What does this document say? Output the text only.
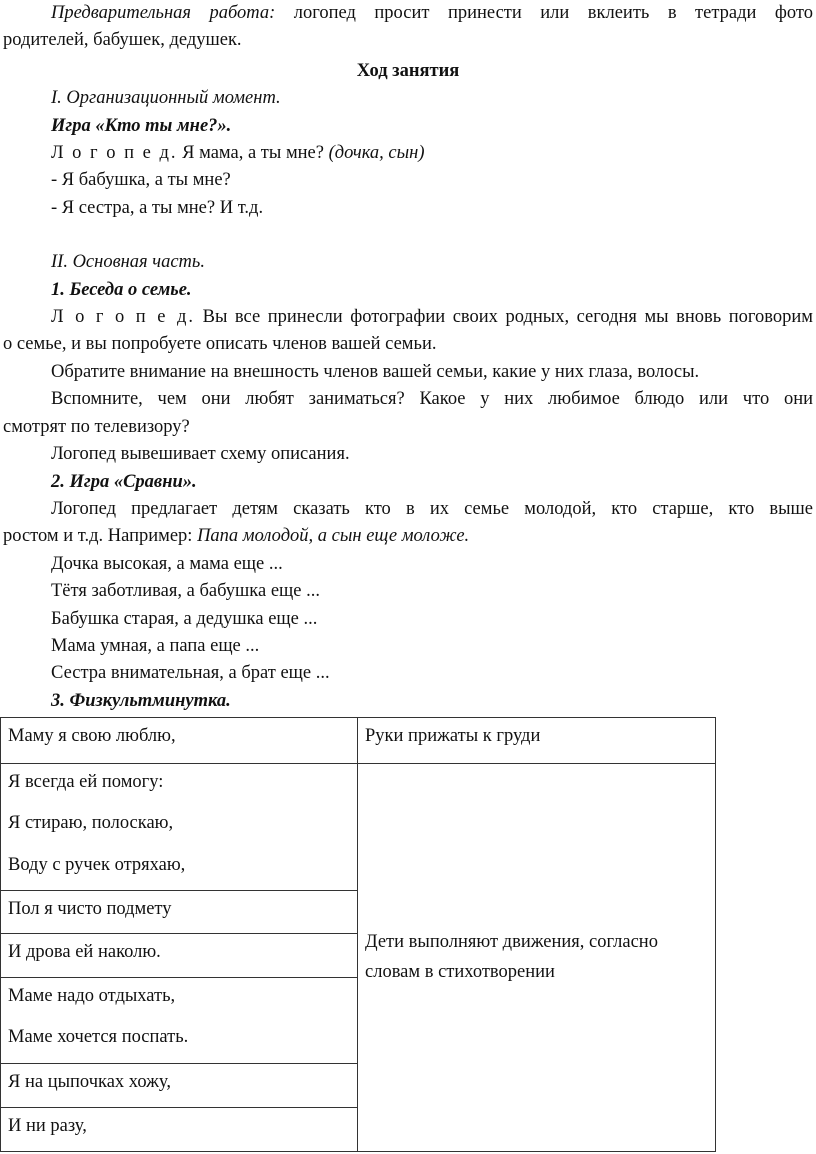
Предварительная работа: логопед просит принести или вклеить в тетради фото

родителей, бабушек, дедушек.

Ход занятия

I. Организационный момент.

Игра «Кто ты мне?».

Л о г о п е д. Я мама, а ты мне? (дочка, сын)

- Я бабушка, а ты мне?

- Я сестра, а ты мне? И т.д.

II. Основная часть.

1. Беседа о семье.

Л о г о п е д. Вы все принесли фотографии своих родных, сегодня мы вновь поговорим

о семье, и вы попробуете описать членов вашей семьи.

Обратите внимание на внешность членов вашей семьи, какие у них глаза, волосы.

Вспомните, чем они любят заниматься? Какое у них любимое блюдо или что они

смотрят по телевизору?

Логопед вывешивает схему описания.

2. Игра «Сравни».

Логопед предлагает детям сказать кто в их семье молодой, кто старше, кто выше

ростом и т.д. Например: Папа молодой, а сын еще моложе.

Дочка высокая, а мама еще ...

Тётя заботливая, а бабушка еще ...

Бабушка старая, а дедушка еще ...

Мама умная, а папа еще ...

Сестра внимательная, а брат еще ...

3. Физкультминутка.

Маму я свою люблю,	Руки прижаты к груди

Я всегда ей помогу:

Я стираю, полоскаю,

Воду с ручек отряхаю,	Дети выполняют движения, согласно словам в стихотворении
Пол я чисто подмету	
И дрова ей наколю.	

Маме надо отдыхать,

Маме хочется поспать.	

Я на цыпочках хожу,	
И ни разу,	
